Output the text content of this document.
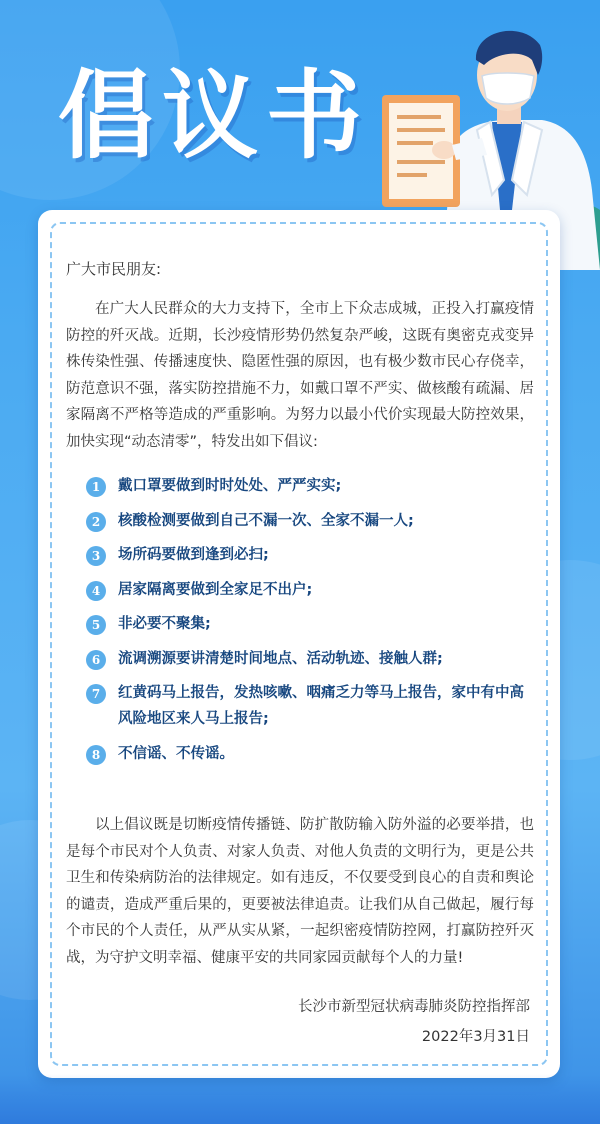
倡议书
广大市民朋友:

在广大人民群众的大力支持下，全市上下众志成城，正投入打赢疫情防控的歼灭战。近期，长沙疫情形势仍然复杂严峻，这既有奥密克戎变异株传染性强、传播速度快、隐匿性强的原因，也有极少数市民心存侥幸，防范意识不强，落实防控措施不力，如戴口罩不严实、做核酸有疏漏、居家隔离不严格等造成的严重影响。为努力以最小代价实现最大防控效果，加快实现“动态清零”，特发出如下倡议:

1	戴口罩要做到时时处处、严严实实;
2	核酸检测要做到自己不漏一次、全家不漏一人;
3	场所码要做到逢到必扫;
4	居家隔离要做到全家足不出户;
5	非必要不聚集;
6	流调溯源要讲清楚时间地点、活动轨迹、接触人群;
7	红黄码马上报告，发热咳嗽、咽痛乏力等马上报告，家中有中高风险地区来人马上报告;
8	不信谣、不传谣。

以上倡议既是切断疫情传播链、防扩散防输入防外溢的必要举措，也是每个市民对个人负责、对家人负责、对他人负责的文明行为，更是公共卫生和传染病防治的法律规定。如有违反，不仅要受到良心的自责和舆论的谴责，造成严重后果的，更要被法律追责。让我们从自己做起，履行每个市民的个人责任，从严从实从紧，一起织密疫情防控网，打赢防控歼灭战，为守护文明幸福、健康平安的共同家园贡献每个人的力量!

长沙市新型冠状病毒肺炎防控指挥部
2022年3月31日
